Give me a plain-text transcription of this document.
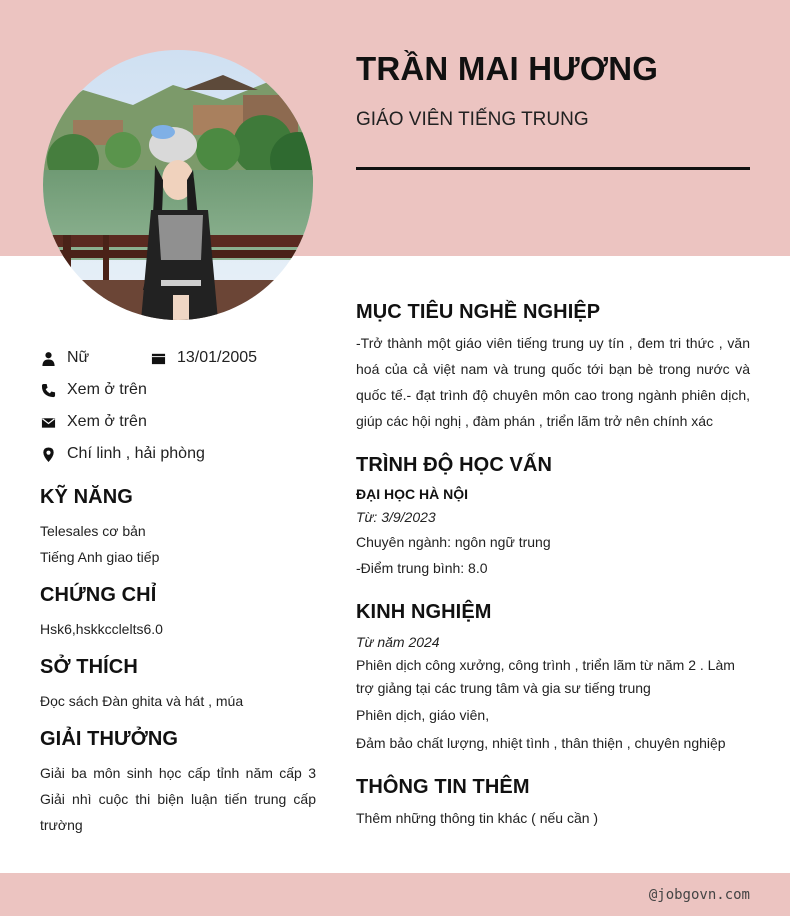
TRẦN MAI HƯƠNG
GIÁO VIÊN TIẾNG TRUNG
Nữ	13/01/2005
Xem ở trên
Xem ở trên
Chí linh , hải phòng
KỸ NĂNG
Telesales cơ bản
Tiếng Anh giao tiếp
CHỨNG CHỈ
Hsk6,hskkcclelts6.0
SỞ THÍCH
Đọc sách Đàn ghita và hát , múa
GIẢI THƯỞNG
Giải ba môn sinh học cấp tỉnh năm cấp 3 Giải nhì cuộc thi biện luận tiến trung cấp trường
MỤC TIÊU NGHỀ NGHIỆP
-Trở thành một giáo viên tiếng trung uy tín , đem tri thức , văn hoá của cả việt nam và trung quốc tới bạn bè trong nước và quốc tế.- đạt trình độ chuyên môn cao trong ngành phiên dịch, giúp các hội nghị , đàm phán , triển lãm trở nên chính xác
TRÌNH ĐỘ HỌC VẤN
ĐẠI HỌC HÀ NỘI
Từ: 3/9/2023
Chuyên ngành: ngôn ngữ trung
-Điểm trung bình: 8.0
KINH NGHIỆM
Từ năm 2024
Phiên dịch công xưởng, công trình , triển lãm từ năm 2 . Làm trợ giảng tại các trung tâm và gia sư tiếng trung
Phiên dịch, giáo viên,
Đảm bảo chất lượng, nhiệt tình , thân thiện , chuyên nghiệp
THÔNG TIN THÊM
Thêm những thông tin khác ( nếu cần )
@jobgovn.com
